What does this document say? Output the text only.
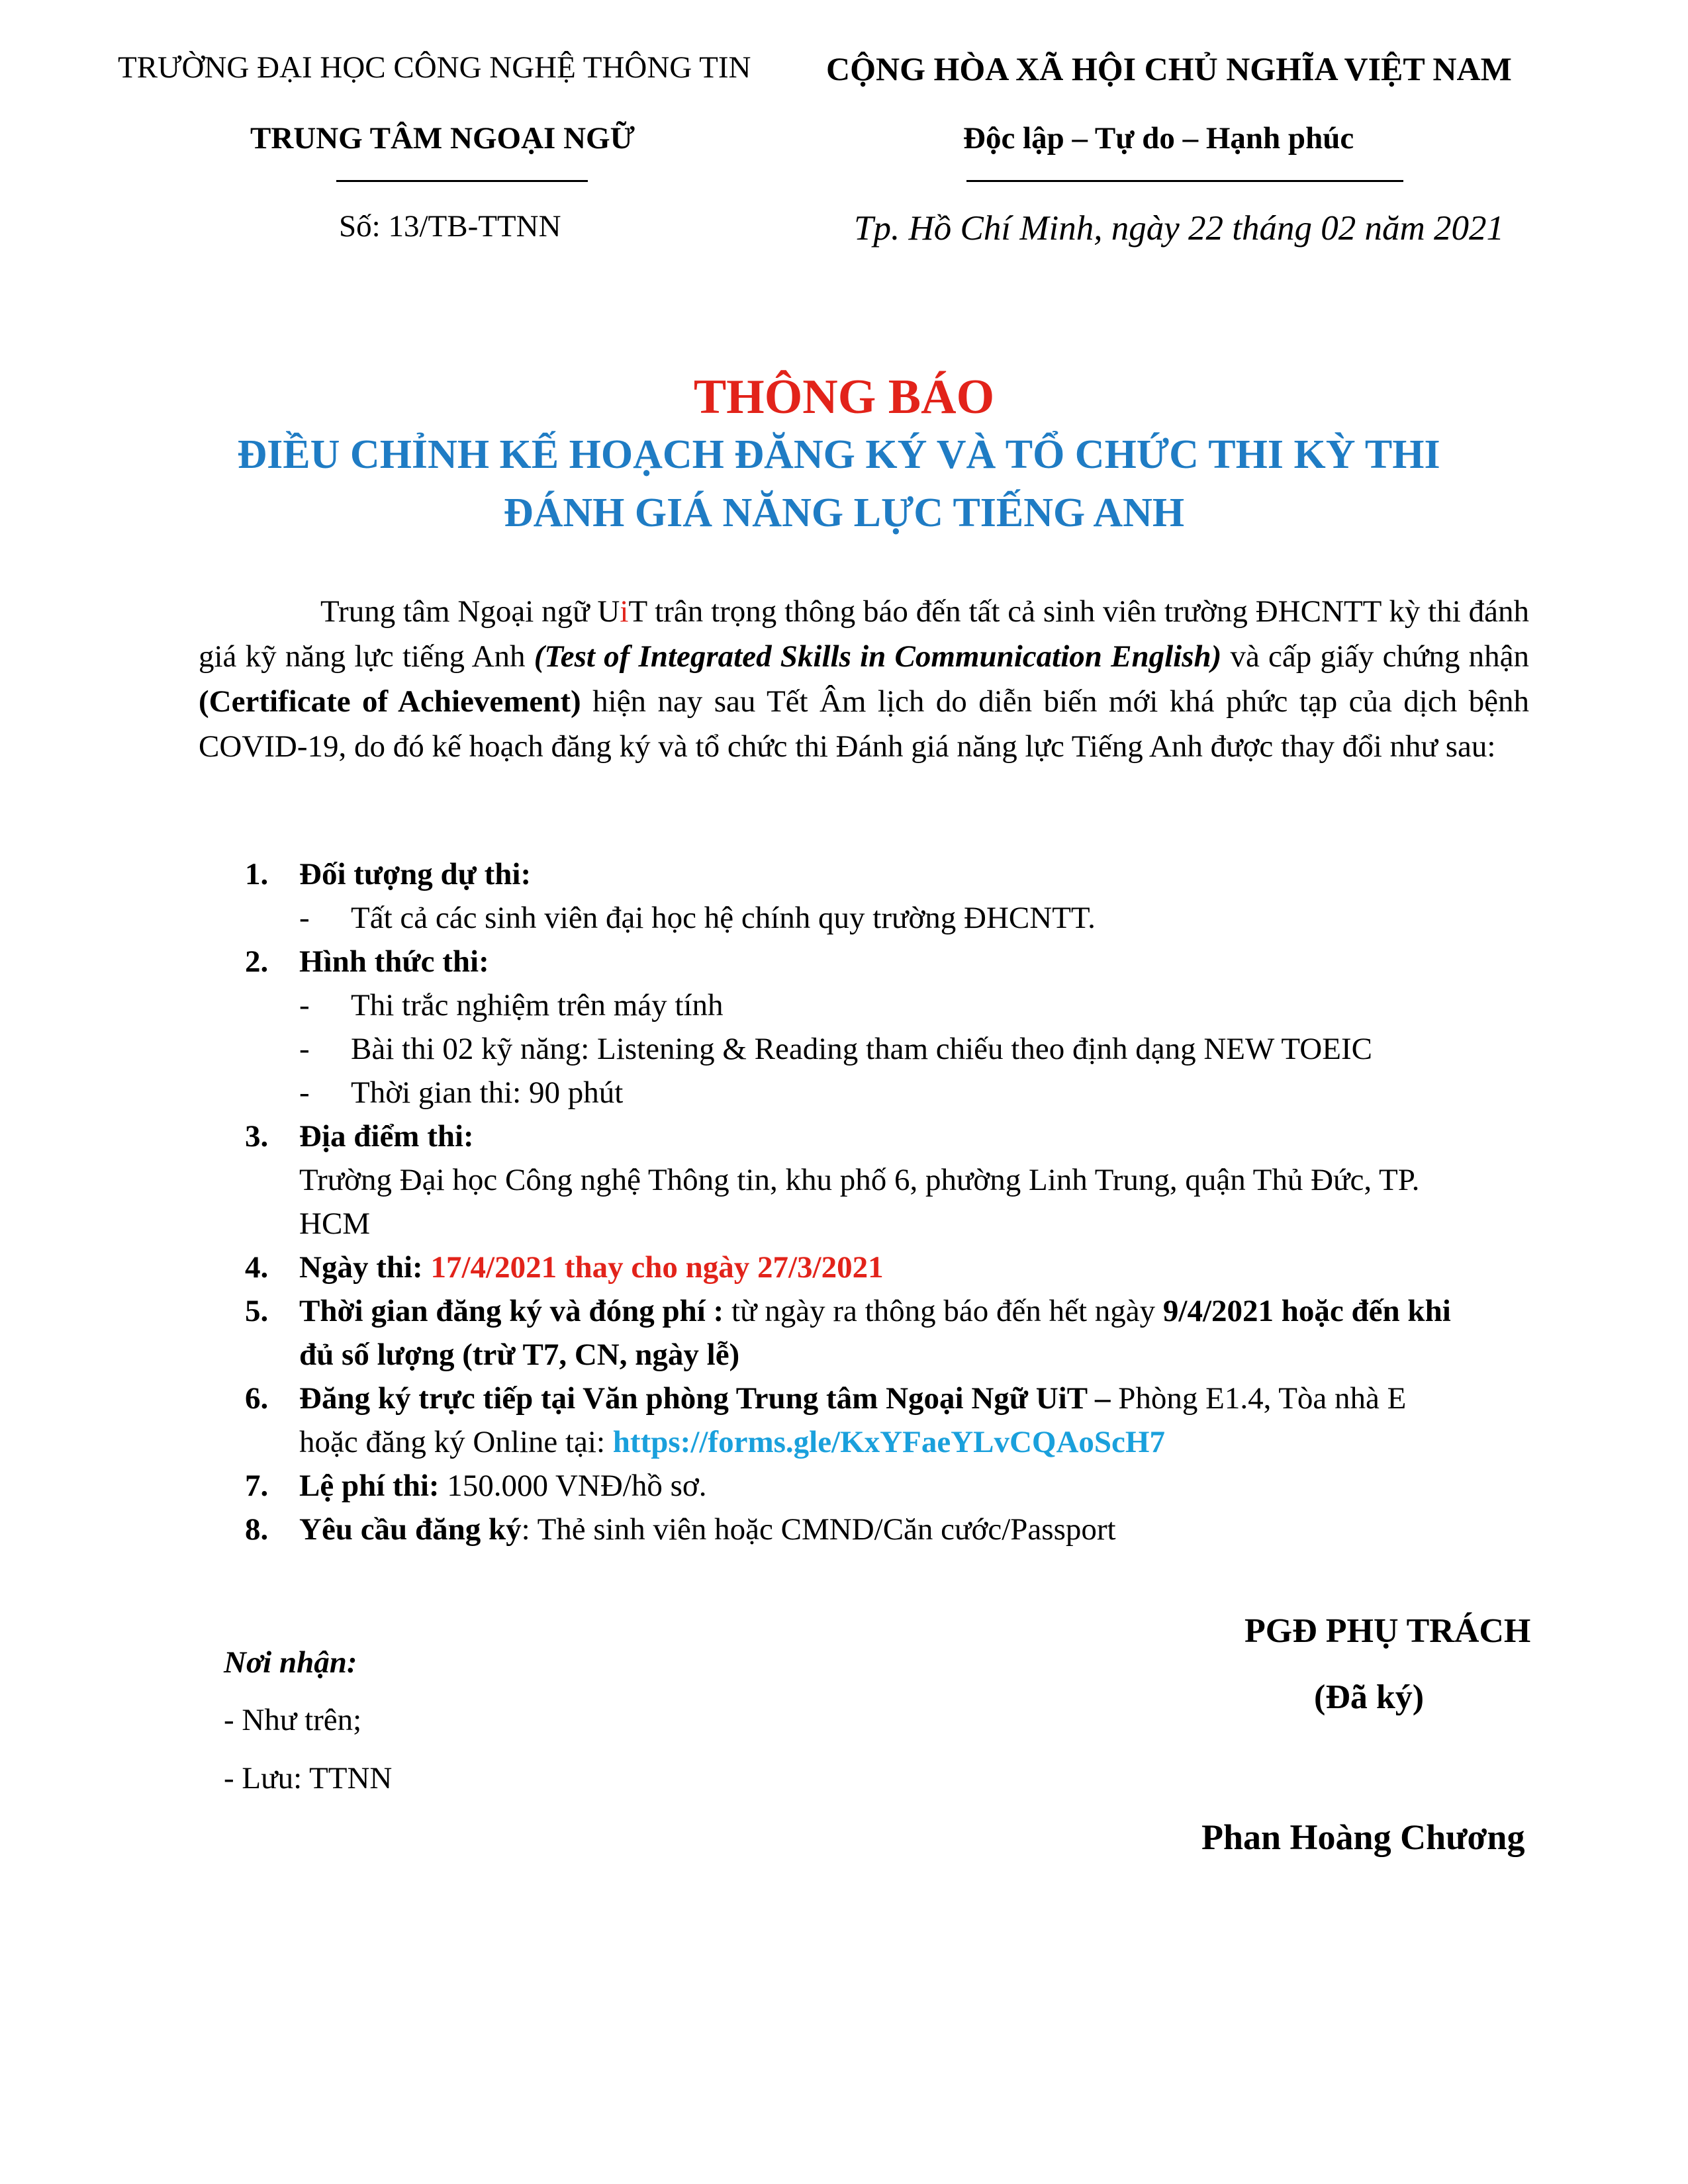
TRƯỜNG ĐẠI HỌC CÔNG NGHỆ THÔNG TIN
TRUNG TÂM NGOẠI NGỮ
Số: 13/TB-TTNN
CỘNG HÒA XÃ HỘI CHỦ NGHĨA VIỆT NAM
Độc lập – Tự do – Hạnh phúc
Tp. Hồ Chí Minh, ngày 22 tháng 02 năm 2021
THÔNG BÁO
ĐIỀU CHỈNH KẾ HOẠCH ĐĂNG KÝ VÀ TỔ CHỨC THI KỲ THI
ĐÁNH GIÁ NĂNG LỰC TIẾNG ANH
Trung tâm Ngoại ngữ UiT trân trọng thông báo đến tất cả sinh viên trường ĐHCNTT kỳ thi đánh giá kỹ năng lực tiếng Anh (Test of Integrated Skills in Communication English) và cấp giấy chứng nhận (Certificate of Achievement) hiện nay sau Tết Âm lịch do diễn biến mới khá phức tạp của dịch bệnh COVID-19, do đó kế hoạch đăng ký và tổ chức thi Đánh giá năng lực Tiếng Anh được thay đổi như sau:
1. Đối tượng dự thi:
- Tất cả các sinh viên đại học hệ chính quy trường ĐHCNTT.
2. Hình thức thi:
- Thi trắc nghiệm trên máy tính
- Bài thi 02 kỹ năng: Listening & Reading tham chiếu theo định dạng NEW TOEIC
- Thời gian thi: 90 phút
3. Địa điểm thi:
Trường Đại học Công nghệ Thông tin, khu phố 6, phường Linh Trung, quận Thủ Đức, TP.
HCM
4. Ngày thi: 17/4/2021 thay cho ngày 27/3/2021
5. Thời gian đăng ký và đóng phí : từ ngày ra thông báo đến hết ngày 9/4/2021 hoặc đến khi
đủ số lượng (trừ T7, CN, ngày lễ)
6. Đăng ký trực tiếp tại Văn phòng Trung tâm Ngoại Ngữ UiT – Phòng E1.4, Tòa nhà E
hoặc đăng ký Online tại: https://forms.gle/KxYFaeYLvCQAoScH7
7. Lệ phí thi: 150.000 VNĐ/hồ sơ.
8. Yêu cầu đăng ký: Thẻ sinh viên hoặc CMND/Căn cước/Passport
Nơi nhận:
- Như trên;
- Lưu: TTNN
PGĐ PHỤ TRÁCH
(Đã ký)
Phan Hoàng Chương
